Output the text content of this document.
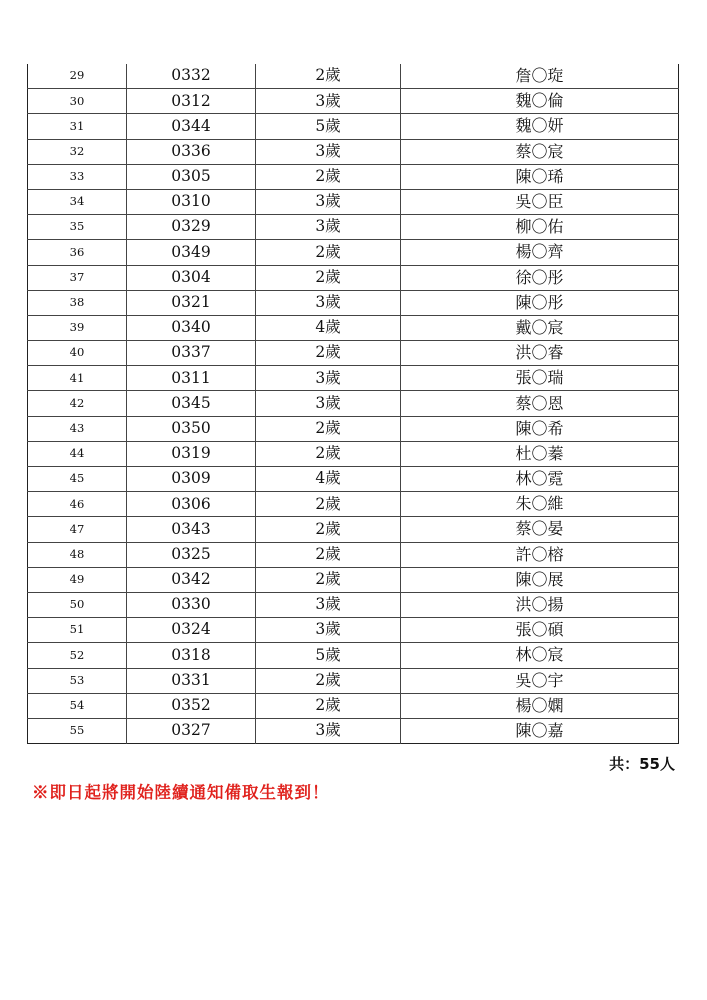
29	0332	2歲	詹〇琁
30	0312	3歲	魏〇倫
31	0344	5歲	魏〇妍
32	0336	3歲	蔡〇宸
33	0305	2歲	陳〇琋
34	0310	3歲	吳〇臣
35	0329	3歲	柳〇佑
36	0349	2歲	楊〇齊
37	0304	2歲	徐〇彤
38	0321	3歲	陳〇彤
39	0340	4歲	戴〇宸
40	0337	2歲	洪〇睿
41	0311	3歲	張〇瑞
42	0345	3歲	蔡〇恩
43	0350	2歲	陳〇希
44	0319	2歲	杜〇蓁
45	0309	4歲	林〇霓
46	0306	2歲	朱〇維
47	0343	2歲	蔡〇晏
48	0325	2歲	許〇榕
49	0342	2歲	陳〇展
50	0330	3歲	洪〇揚
51	0324	3歲	張〇碩
52	0318	5歲	林〇宸
53	0331	2歲	吳〇宇
54	0352	2歲	楊〇嫻
55	0327	3歲	陳〇嘉
共：55人
※即日起將開始陸續通知備取生報到！
